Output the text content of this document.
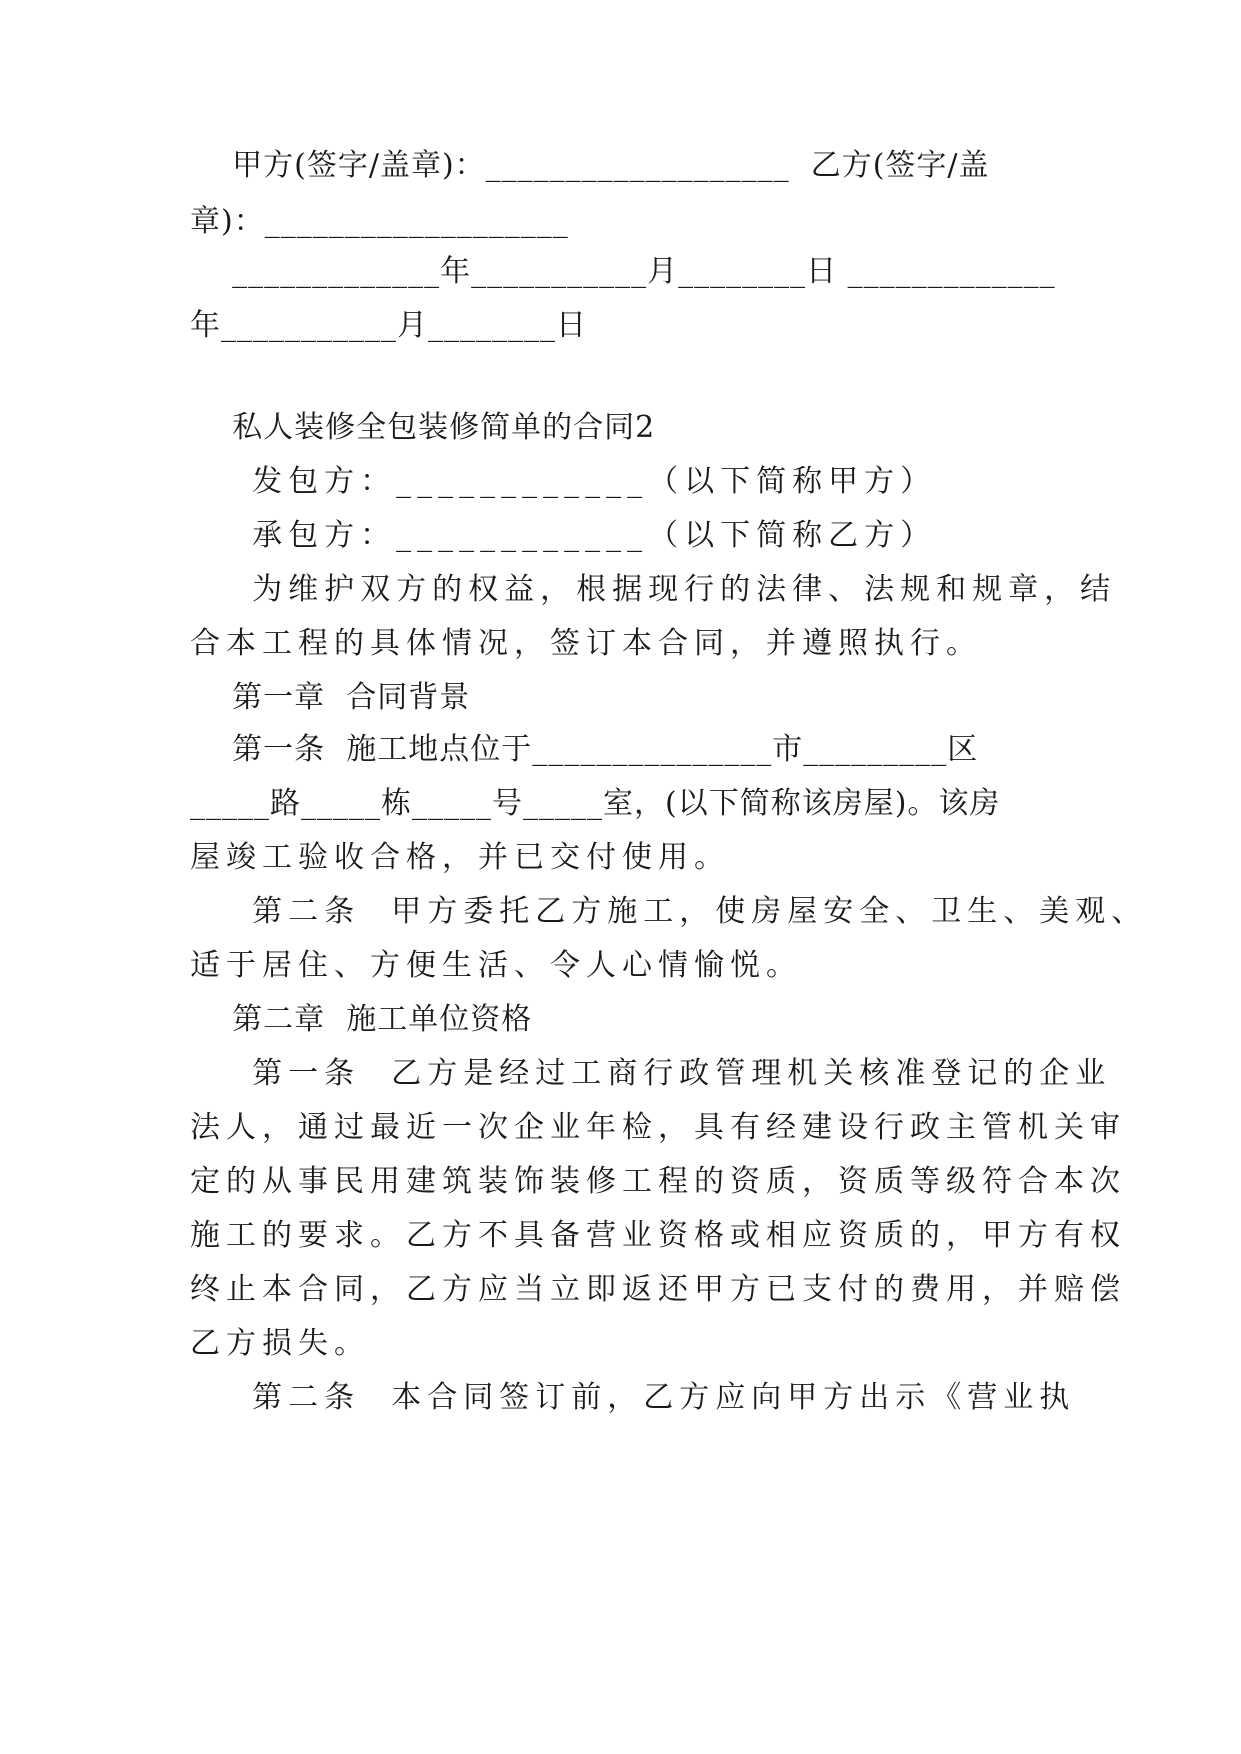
甲方(签字/盖章)：___________________  乙方(签字/盖
章)：___________________
_____________年___________月________日 _____________
年___________月________日
私人装修全包装修简单的合同2
发包方：____________（以下简称甲方）
承包方：____________（以下简称乙方）
为维护双方的权益，根据现行的法律、法规和规章，结
合本工程的具体情况，签订本合同，并遵照执行。
第一章  合同背景
第一条  施工地点位于_______________市_________区
_____路_____栋_____号_____室，(以下简称该房屋)。该房
屋竣工验收合格，并已交付使用。
第二条  甲方委托乙方施工，使房屋安全、卫生、美观、
适于居住、方便生活、令人心情愉悦。
第二章  施工单位资格
第一条  乙方是经过工商行政管理机关核准登记的企业
法人，通过最近一次企业年检，具有经建设行政主管机关审
定的从事民用建筑装饰装修工程的资质，资质等级符合本次
施工的要求。乙方不具备营业资格或相应资质的，甲方有权
终止本合同，乙方应当立即返还甲方已支付的费用，并赔偿
乙方损失。
第二条  本合同签订前，乙方应向甲方出示《营业执
